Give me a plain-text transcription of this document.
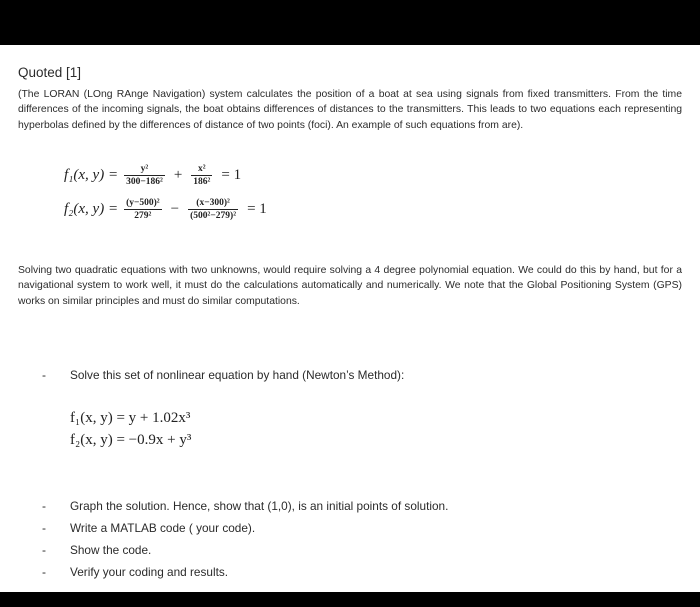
Quoted [1]
(The LORAN (LOng RAnge Navigation) system calculates the position of a boat at sea using signals from fixed transmitters. From the time differences of the incoming signals, the boat obtains differences of distances to the transmitters. This leads to two equations each representing hyperbolas defined by the differences of distance of two points (foci). An example of such equations from are).
f₁(x, $y) = \frac{\text{y²}}{\text{300−186²}} + \frac{\text{x²}}{\text{186²}} = 1$
f₂(x, $y) = \frac{\text{(y−500)²}}{\text{279²}} - \frac{\text{(x−300)²}}{\text{(500²−279)²}} = 1$
Solving two quadratic equations with two unknowns, would require solving a 4 degree polynomial equation. We could do this by hand, but for a navigational system to work well, it must do the calculations automatically and numerically. We note that the Global Positioning System (GPS) works on similar principles and must do similar computations.
- Solve this set of nonlinear equation by hand (Newton’s Method):
f₁(x, y) = y + 1.02x³
f₂(x, y) = −0.9x + y³
- Graph the solution. Hence, show that (1,0), is an initial points of solution.
- Write a MATLAB code ( your code).
- Show the code.
- Verify your coding and results.
